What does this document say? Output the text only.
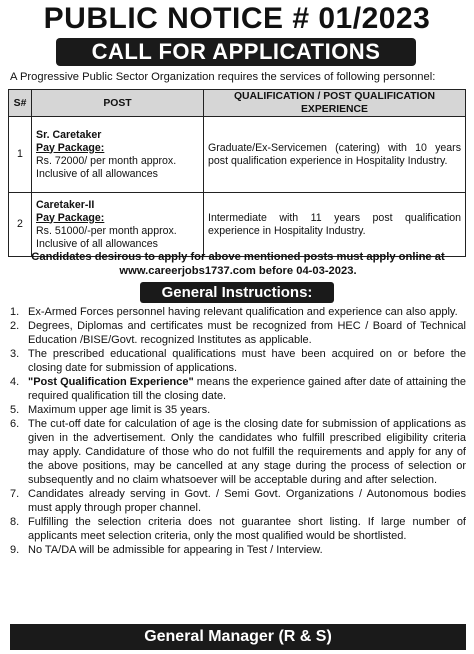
PUBLIC NOTICE # 01/2023
CALL FOR APPLICATIONS
A Progressive Public Sector Organization requires the services of following personnel:
S#	POST	QUALIFICATION / POST QUALIFICATION EXPERIENCE
1	Sr. Caretaker
Pay Package:
Rs. 72000/ per month approx.
Inclusive of all allowances	Graduate/Ex-Servicemen (catering) with 10 years post qualification experience in Hospitality Industry.
2	Caretaker-II
Pay Package:
Rs. 51000/-per month approx.
Inclusive of all allowances	Intermediate with 11 years post qualification experience in Hospitality Industry.
Candidates desirous to apply for above mentioned posts must apply online at
www.careerjobs1737.com before 04-03-2023.
General Instructions:
1. Ex-Armed Forces personnel having relevant qualification and experience can also apply.
2. Degrees, Diplomas and certificates must be recognized from HEC / Board of Technical Education /BISE/Govt. recognized Institutes as applicable.
3. The prescribed educational qualifications must have been acquired on or before the closing date for submission of applications.
4. "Post Qualification Experience" means the experience gained after date of attaining the required qualification till the closing date.
5. Maximum upper age limit is 35 years.
6. The cut-off date for calculation of age is the closing date for submission of applications as given in the advertisement. Only the candidates who fulfill prescribed eligibility criteria may apply. Candidature of those who do not fulfill the requirements and apply for any of the above positions, may be cancelled at any stage during the process of selection or subsequently and no claim whatsoever will be acceptable during and after selection.
7. Candidates already serving in Govt. / Semi Govt. Organizations / Autonomous bodies must apply through proper channel.
8. Fulfilling the selection criteria does not guarantee short listing. If large number of applicants meet selection criteria, only the most qualified would be shortlisted.
9. No TA/DA will be admissible for appearing in Test / Interview.
General Manager (R & S)
